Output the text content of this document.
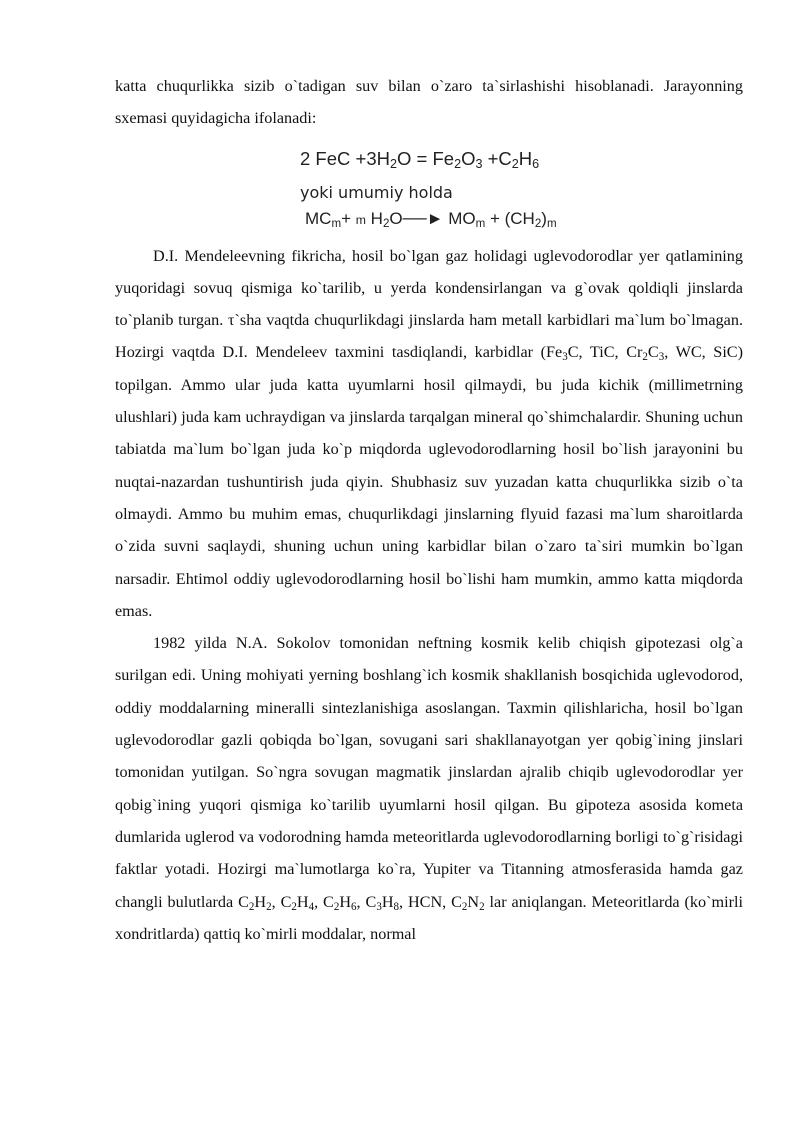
katta chuqurlikka sizib o`tadigan suv bilan o`zaro ta`sirlashishi hisoblanadi. Jarayonning sxemasi quyidagicha ifolanadi:

2 FeC $+3H_2O = Fe_2O_3 +C_2H_6$
yoki umumiy holda
$MC_m+ m$ $H_2O──►$ $MO_m + (CH_2)_m$

D.I. Mendeleevning fikricha, hosil bo`lgan gaz holidagi uglevodorodlar yer qatlamining yuqoridagi sovuq qismiga ko`tarilib, u yerda kondensirlangan va g`ovak qoldiqli jinslarda to`planib turgan. τ`sha vaqtda chuqurlikdagi jinslarda ham metall karbidlari ma`lum bo`lmagan. Hozirgi vaqtda D.I. Mendeleev taxmini tasdiqlandi, karbidlar ($Fe_3C$, TiC, $Cr_2C_3$, WC, SiC) topilgan. Ammo ular juda katta uyumlarni hosil qilmaydi, bu juda kichik (millimetrning ulushlari) juda kam uchraydigan va jinslarda tarqalgan mineral qo`shimchalardir. Shuning uchun tabiatda ma`lum bo`lgan juda ko`p miqdorda uglevodorodlarning hosil bo`lish jarayonini bu nuqtai-nazardan tushuntirish juda qiyin. Shubhasiz suv yuzadan katta chuqurlikka sizib o`ta olmaydi. Ammo bu muhim emas, chuqurlikdagi jinslarning flyuid fazasi ma`lum sharoitlarda o`zida suvni saqlaydi, shuning uchun uning karbidlar bilan o`zaro ta`siri mumkin bo`lgan narsadir. Ehtimol oddiy uglevodorodlarning hosil bo`lishi ham mumkin, ammo katta miqdorda emas.

1982 yilda N.A. Sokolov tomonidan neftning kosmik kelib chiqish gipotezasi olg`a surilgan edi. Uning mohiyati yerning boshlang`ich kosmik shakllanish bosqichida uglevodorod, oddiy moddalarning mineralli sintezlanishiga asoslangan. Taxmin qilishlaricha, hosil bo`lgan uglevodorodlar gazli qobiqda bo`lgan, sovugani sari shakllanayotgan yer qobig`ining jinslari tomonidan yutilgan. So`ngra sovugan magmatik jinslardan ajralib chiqib uglevodorodlar yer qobig`ining yuqori qismiga ko`tarilib uyumlarni hosil qilgan. Bu gipoteza asosida kometa dumlarida uglerod va vodorodning hamda meteoritlarda uglevodorodlarning borligi to`g`risidagi faktlar yotadi. Hozirgi ma`lumotlarga ko`ra, Yupiter va Titanning atmosferasida hamda gaz changli bulutlarda $C_2H_2$, $C_2H_4$, $C_2H_6$, $C_3H_8$, HCN, $C_2N_2$ lar aniqlangan. Meteoritlarda (ko`mirli xondritlarda) qattiq ko`mirli moddalar, normal
